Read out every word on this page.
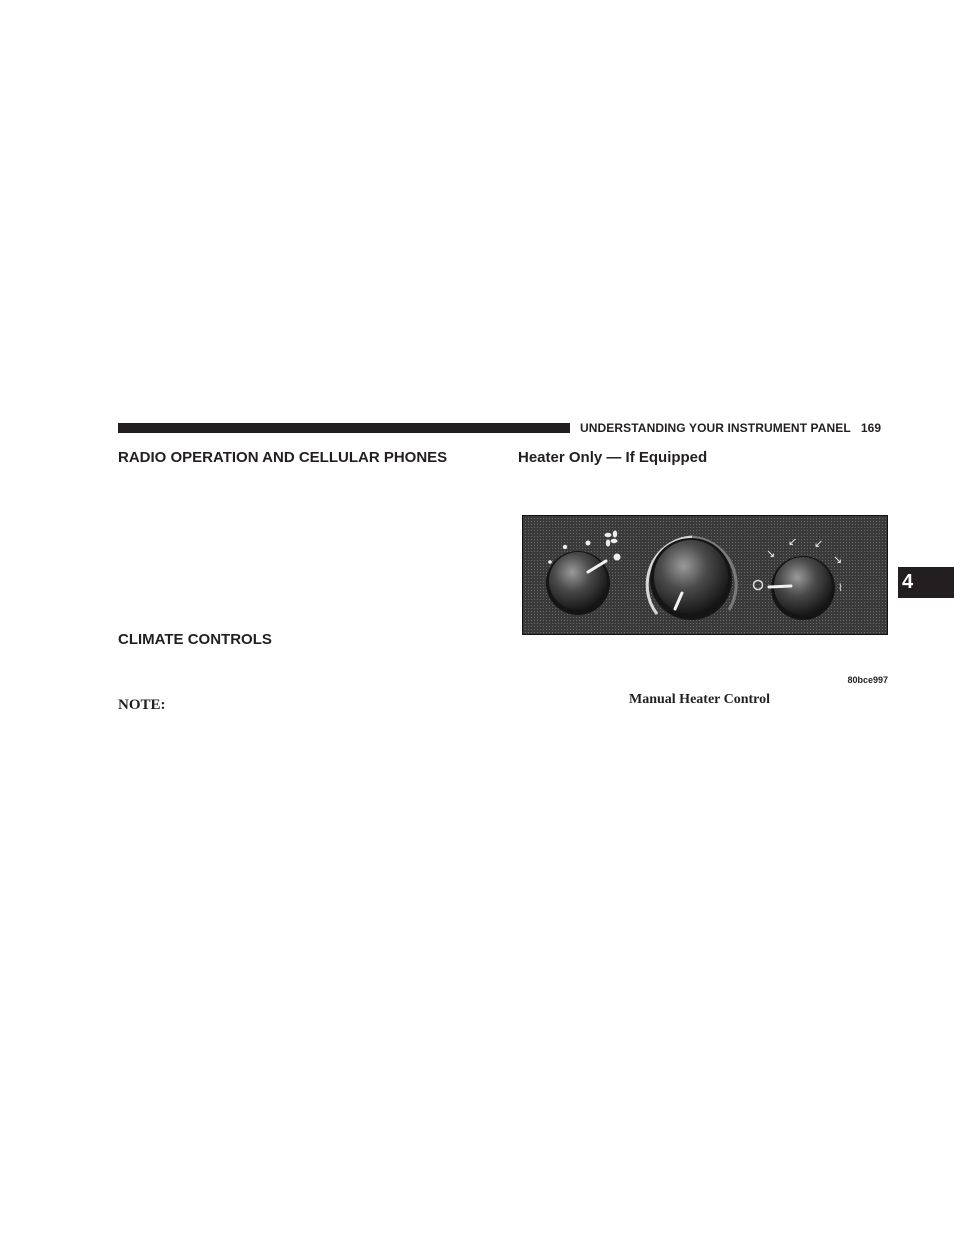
UNDERSTANDING YOUR INSTRUMENT PANEL 169
RADIO OPERATION AND CELLULAR PHONES
CLIMATE CONTROLS
NOTE:
Heater Only — If Equipped
↘
↙ ↙
↘
⌇
80bce997
Manual Heater Control
4
